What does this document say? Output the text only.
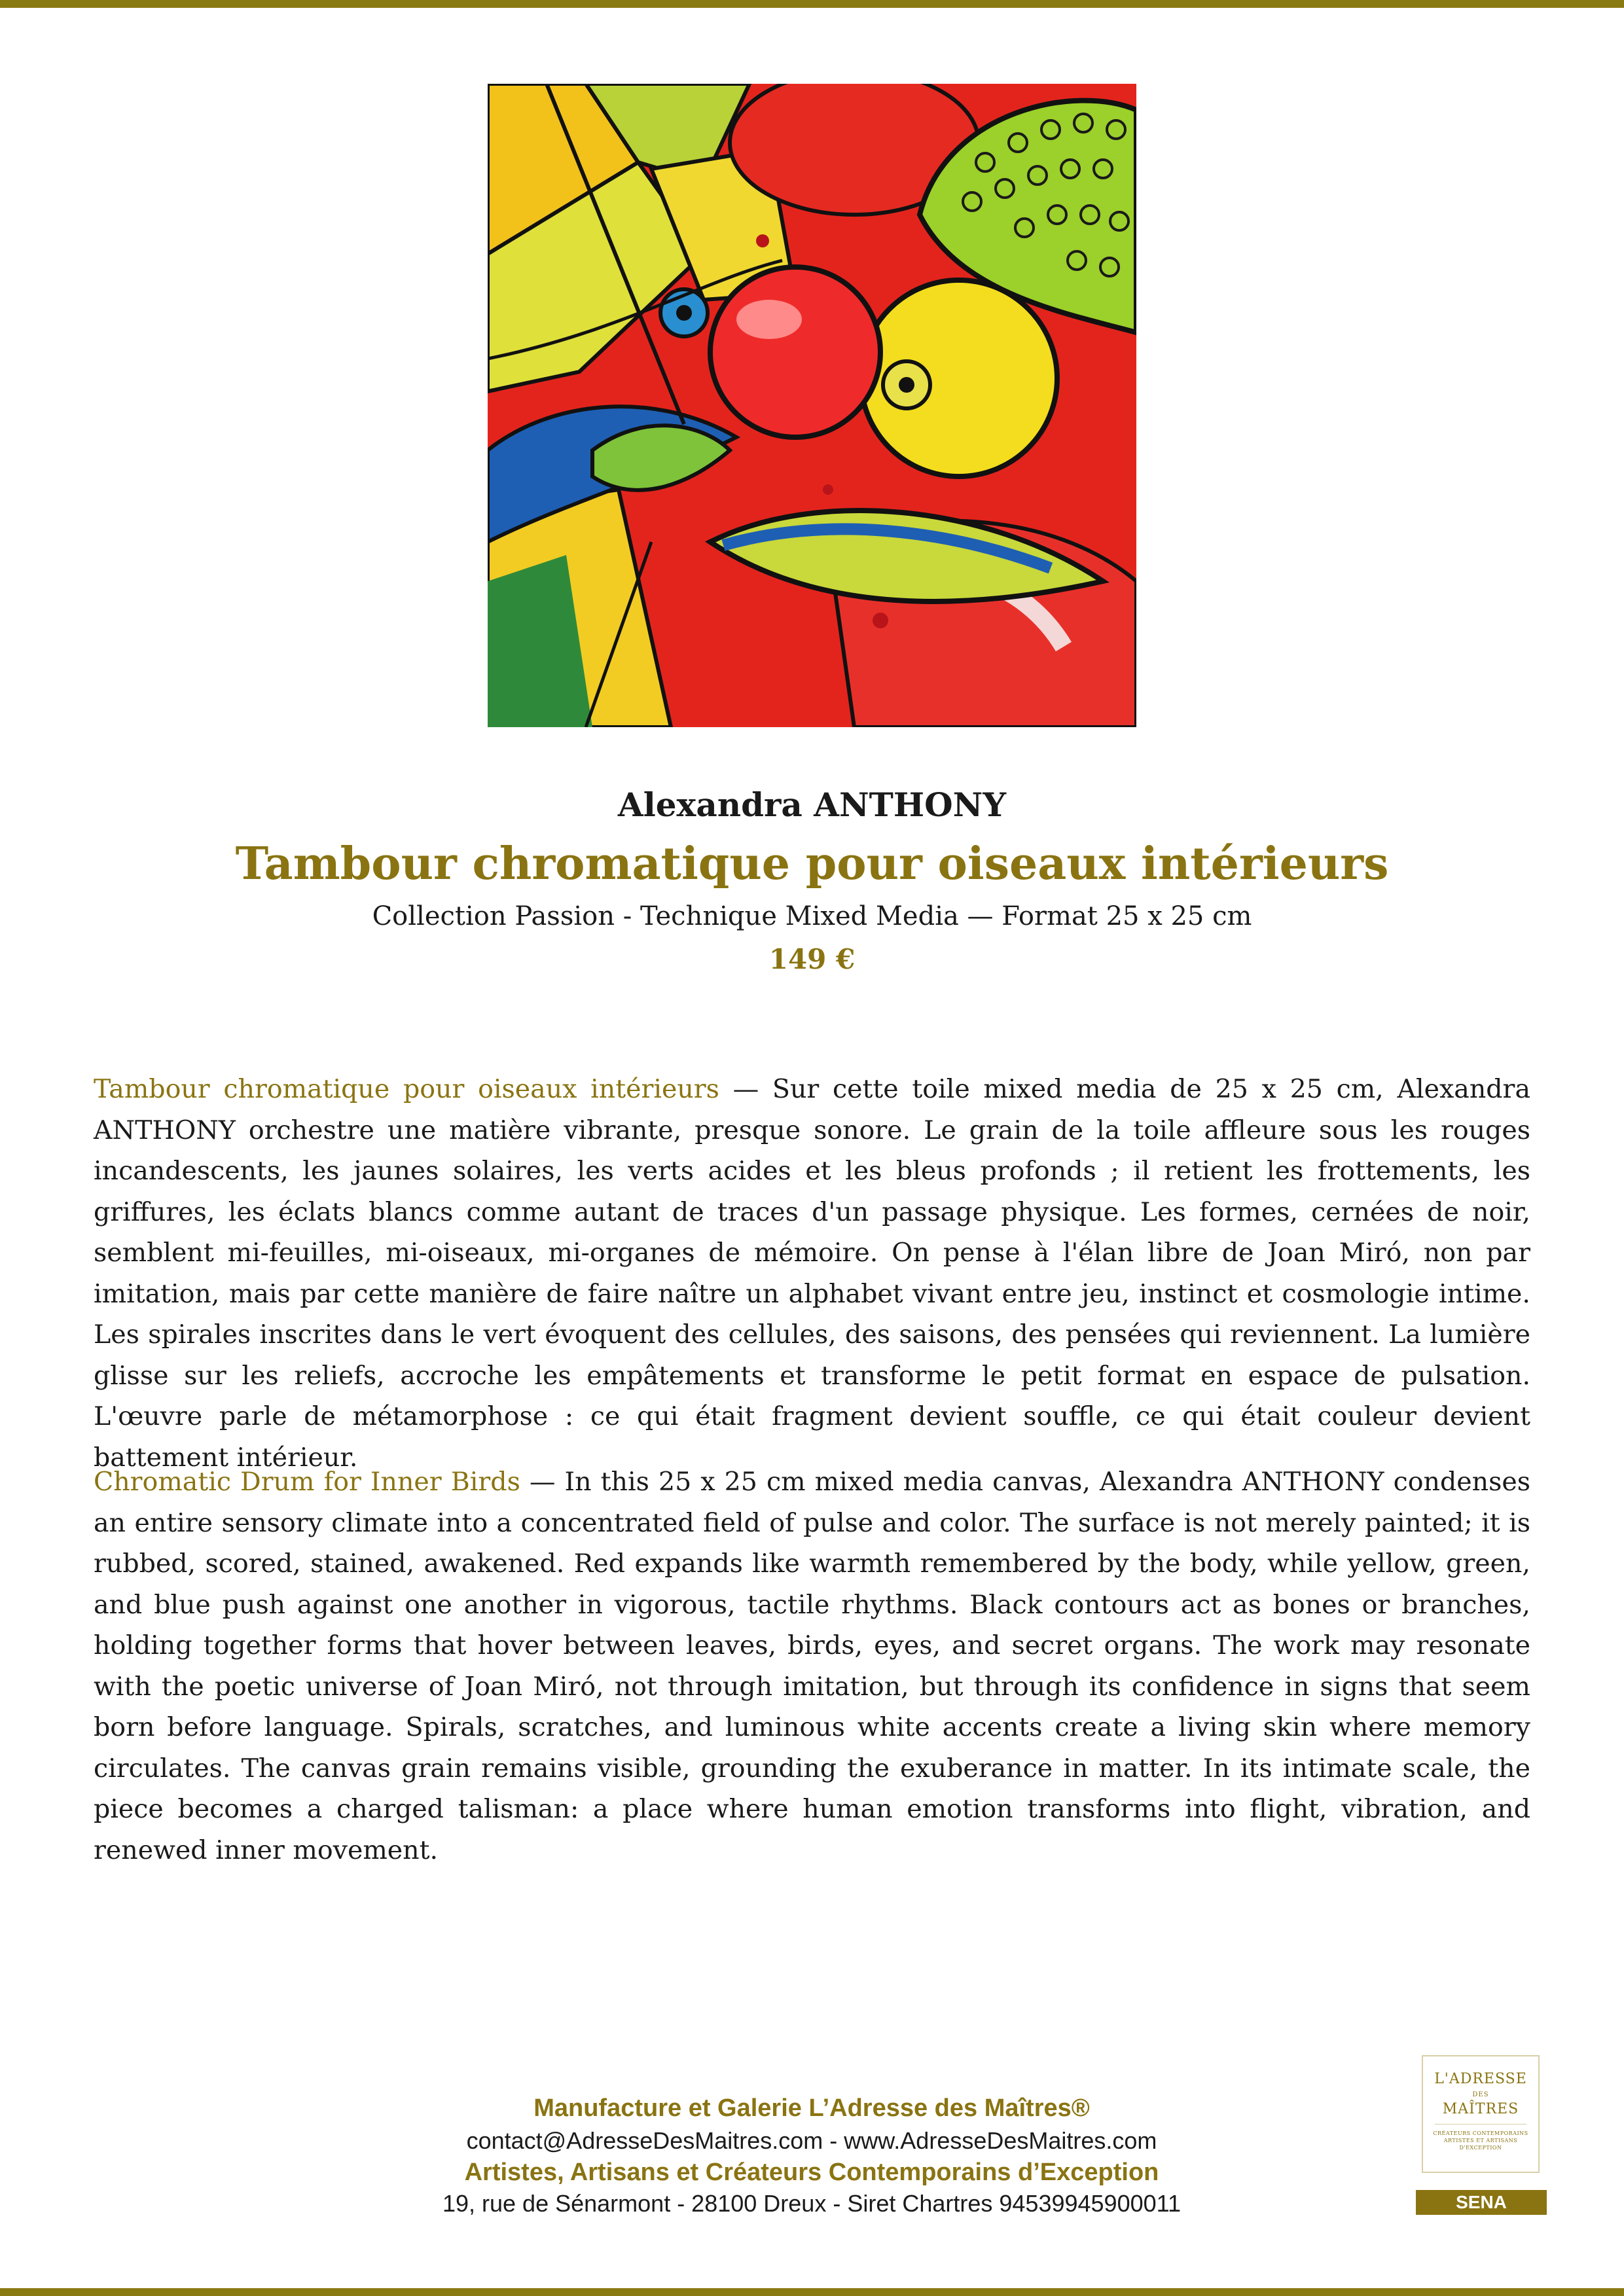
Alexandra ANTHONY
Tambour chromatique pour oiseaux intérieurs
Collection Passion - Technique Mixed Media — Format 25 x 25 cm
149 €

Tambour chromatique pour oiseaux intérieurs — Sur cette toile mixed media de 25 x 25 cm, Alexandra ANTHONY orchestre une matière vibrante, presque sonore. Le grain de la toile affleure sous les rouges incandescents, les jaunes solaires, les verts acides et les bleus profonds ; il retient les frottements, les griffures, les éclats blancs comme autant de traces d'un passage physique. Les formes, cernées de noir, semblent mi-feuilles, mi-oiseaux, mi-organes de mémoire. On pense à l'élan libre de Joan Miró, non par imitation, mais par cette manière de faire naître un alphabet vivant entre jeu, instinct et cosmologie intime. Les spirales inscrites dans le vert évoquent des cellules, des saisons, des pensées qui reviennent. La lumière glisse sur les reliefs, accroche les empâtements et transforme le petit format en espace de pulsation. L'œuvre parle de métamorphose : ce qui était fragment devient souffle, ce qui était couleur devient battement intérieur.

Chromatic Drum for Inner Birds — In this 25 x 25 cm mixed media canvas, Alexandra ANTHONY condenses an entire sensory climate into a concentrated field of pulse and color. The surface is not merely painted; it is rubbed, scored, stained, awakened. Red expands like warmth remembered by the body, while yellow, green, and blue push against one another in vigorous, tactile rhythms. Black contours act as bones or branches, holding together forms that hover between leaves, birds, eyes, and secret organs. The work may resonate with the poetic universe of Joan Miró, not through imitation, but through its confidence in signs that seem born before language. Spirals, scratches, and luminous white accents create a living skin where memory circulates. The canvas grain remains visible, grounding the exuberance in matter. In its intimate scale, the piece becomes a charged talisman: a place where human emotion transforms into flight, vibration, and renewed inner movement.

Manufacture et Galerie L’Adresse des Maîtres®
contact@AdresseDesMaitres.com - www.AdresseDesMaitres.com
Artistes, Artisans et Créateurs Contemporains d’Exception
19, rue de Sénarmont - 28100 Dreux - Siret Chartres 94539945900011
L'ADRESSE
DES
MAÎTRES
CRÉATEURS CONTEMPORAINS ARTISTES ET ARTISANS D'EXCEPTION
SENA
